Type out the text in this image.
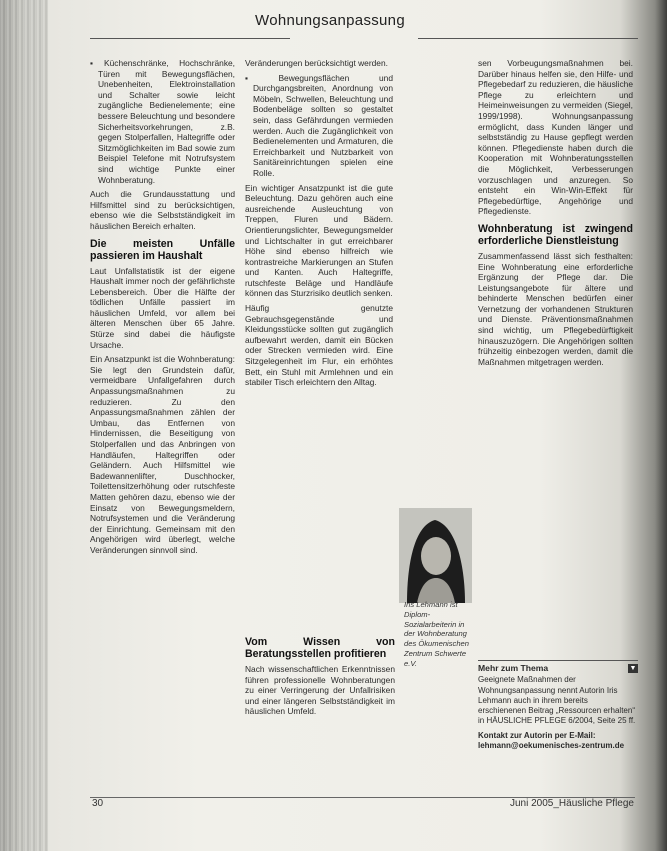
Wohnungsanpassung

▪ Küchenschränke, Hochschränke, Türen mit Bewegungsflächen, Unebenheiten, Elektroinstallation und Schalter sowie leicht zugängliche Bedienelemente; eine bessere Beleuchtung und besondere Sicherheitsvorkehrungen, z.B. gegen Stolperfallen, Haltegriffe oder Sitzmöglichkeiten im Bad sowie zum Beispiel Telefone mit Notrufsystem sind wichtige Punkte einer Wohnberatung.

Auch die Grundausstattung und Hilfsmittel sind zu berücksichtigen, ebenso wie die Selbstständigkeit im häuslichen Bereich erhalten.

Die meisten Unfälle passieren im Haushalt

Laut Unfallstatistik ist der eigene Haushalt immer noch der gefährlichste Lebensbereich. Über die Hälfte der tödlichen Unfälle passiert im häuslichen Umfeld, vor allem bei älteren Menschen über 65 Jahre. Stürze sind dabei die häufigste Ursache.

Ein Ansatzpunkt ist die Wohnberatung: Sie legt den Grundstein dafür, vermeidbare Unfallgefahren durch Anpassungsmaßnahmen zu reduzieren. Zu den Anpassungsmaßnahmen zählen der Umbau, das Entfernen von Hindernissen, die Beseitigung von Stolperfallen und das Anbringen von Handläufen, Haltegriffen oder Geländern. Auch Hilfsmittel wie Badewannenlifter, Duschhocker, Toilettensitzerhöhung oder rutschfeste Matten gehören dazu, ebenso wie der Einsatz von Bewegungsmeldern, Notrufsystemen und die Veränderung der Einrichtung. Gemeinsam mit den Angehörigen wird überlegt, welche Veränderungen sinnvoll sind.

Veränderungen berücksichtigt werden.

▪ Bewegungsflächen und Durchgangsbreiten, Anordnung von Möbeln, Schwellen, Beleuchtung und Bodenbeläge sollten so gestaltet sein, dass Gefährdungen vermieden werden. Auch die Zugänglichkeit von Bedienelementen und Armaturen, die Erreichbarkeit und Nutzbarkeit von Sanitäreinrichtungen spielen eine Rolle.

Ein wichtiger Ansatzpunkt ist die gute Beleuchtung. Dazu gehören auch eine ausreichende Ausleuchtung von Treppen, Fluren und Bädern. Orientierungslichter, Bewegungsmelder und Lichtschalter in gut erreichbarer Höhe sind ebenso hilfreich wie kontrastreiche Markierungen an Stufen und Kanten. Auch Haltegriffe, rutschfeste Beläge und Handläufe können das Sturzrisiko deutlich senken.

Häufig genutzte Gebrauchsgegenstände und Kleidungsstücke sollten gut zugänglich aufbewahrt werden, damit ein Bücken oder Strecken vermieden wird. Eine Sitzgelegenheit im Flur, ein erhöhtes Bett, ein Stuhl mit Armlehnen und ein stabiler Tisch erleichtern den Alltag.

Vom Wissen von Beratungsstellen profitieren

Nach wissenschaftlichen Erkenntnissen führen professionelle Wohnberatungen zu einer Verringerung der Unfallrisiken und einer längeren Selbstständigkeit im häuslichen Umfeld.

sen Vorbeugungsmaßnahmen bei. Darüber hinaus helfen sie, den Hilfe- und Pflegebedarf zu reduzieren, die häusliche Pflege zu erleichtern und Heimeinweisungen zu vermeiden (Siegel, 1999/1998). Wohnungsanpassung ermöglicht, dass Kunden länger und selbstständig zu Hause gepflegt werden können. Pflegedienste haben durch die Kooperation mit Wohnberatungsstellen die Möglichkeit, Verbesserungen vorzuschlagen und anzuregen. So entsteht ein Win-Win-Effekt für Pflegebedürftige, Angehörige und Pflegedienste.

Wohnberatung ist zwingend erforderliche Dienstleistung

Zusammenfassend lässt sich festhalten: Eine Wohnberatung eine erforderliche Ergänzung der Pflege dar. Die Leistungsangebote für ältere und behinderte Menschen bedürfen einer Vernetzung der vorhandenen Strukturen und Dienste. Präventionsmaßnahmen sind wichtig, um Pflegebedürftigkeit hinauszuzögern. Die Angehörigen sollten frühzeitig einbezogen werden, damit die Maßnahmen mitgetragen werden.

Iris Lehmann ist Diplom-Sozialarbeiterin in der Wohnberatung des Ökumenischen Zentrum Schwerte e.V.	Mehr zum Thema	▼

Geeignete Maßnahmen der Wohnungsanpassung nennt Autorin Iris Lehmann auch in ihrem bereits erschienenen Beitrag „Ressourcen erhalten“ in HÄUSLICHE PFLEGE 6/2004, Seite 25 ff.

Kontakt zur Autorin per E-Mail: lehmann@oekumenisches-zentrum.de

30	Juni 2005_Häusliche Pflege
